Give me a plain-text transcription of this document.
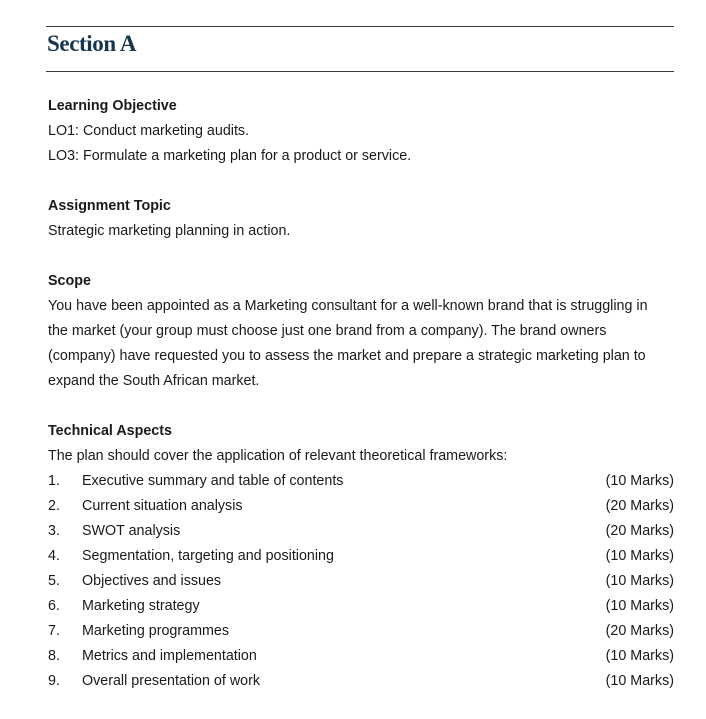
Section A

Learning Objective

LO1: Conduct marketing audits.

LO3: Formulate a marketing plan for a product or service.

Assignment Topic

Strategic marketing planning in action.

Scope

You have been appointed as a Marketing consultant for a well-known brand that is struggling in

the market (your group must choose just one brand from a company). The brand owners

(company) have requested you to assess the market and prepare a strategic marketing plan to

expand the South African market.

Technical Aspects

The plan should cover the application of relevant theoretical frameworks:

1.	Executive summary and table of contents	(10 Marks)
2.	Current situation analysis	(20 Marks)
3.	SWOT analysis	(20 Marks)
4.	Segmentation, targeting and positioning	(10 Marks)
5.	Objectives and issues	(10 Marks)
6.	Marketing strategy	(10 Marks)
7.	Marketing programmes	(20 Marks)
8.	Metrics and implementation	(10 Marks)
9.	Overall presentation of work	(10 Marks)
